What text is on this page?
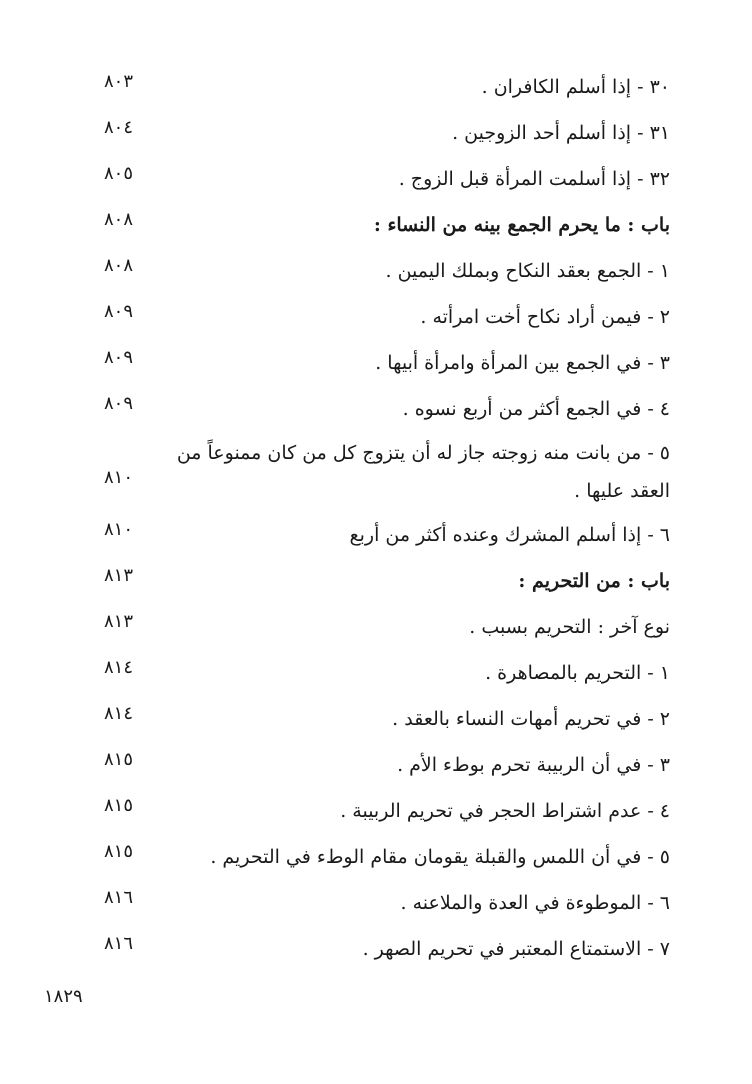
٣٠ - إذا أسلم الكافران .
٨٠٣
٣١ - إذا أسلم أحد الزوجين .
٨٠٤
٣٢ - إذا أسلمت المرأة قبل الزوج .
٨٠٥
باب : ما يحرم الجمع بينه من النساء :
٨٠٨
١ - الجمع بعقد النكاح وبملك اليمين .
٨٠٨
٢ - فيمن أراد نكاح أخت امرأته .
٨٠٩
٣ - في الجمع بين المرأة وامرأة أبيها .
٨٠٩
٤ - في الجمع أكثر من أربع نسوه .
٨٠٩
٥ - من بانت منه زوجته جاز له أن يتزوج كل من كان ممنوعاً من العقد عليها .
٨١٠
٦ - إذا أسلم المشرك وعنده أكثر من أربع
٨١٠
باب : من التحريم :
٨١٣
نوع آخر : التحريم بسبب .
٨١٣
١ - التحريم بالمصاهرة .
٨١٤
٢ - في تحريم أمهات النساء بالعقد .
٨١٤
٣ - في أن الربيبة تحرم بوطء الأم .
٨١٥
٤ - عدم اشتراط الحجر في تحريم الربيبة .
٨١٥
٥ - في أن اللمس والقبلة يقومان مقام الوطء في التحريم .
٨١٥
٦ - الموطوءة في العدة والملاعنه .
٨١٦
٧ - الاستمتاع المعتبر في تحريم الصهر .
٨١٦
١٨٢٩
